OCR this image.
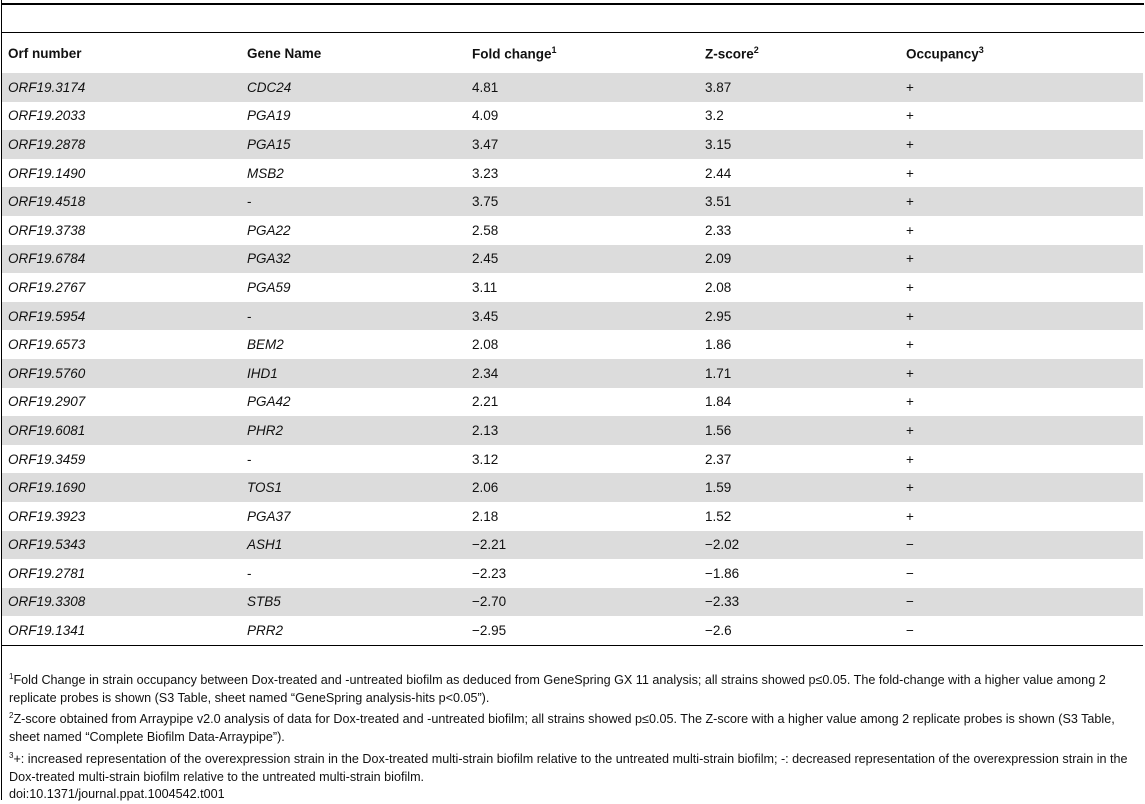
Orf number	Gene Name	Fold change$^1$	Z-score$^2$	Occupancy$^3$
ORF19.3174	CDC24	4.81	3.87	+
ORF19.2033	PGA19	4.09	3.2	+
ORF19.2878	PGA15	3.47	3.15	+
ORF19.1490	MSB2	3.23	2.44	+
ORF19.4518	-	3.75	3.51	+
ORF19.3738	PGA22	2.58	2.33	+
ORF19.6784	PGA32	2.45	2.09	+
ORF19.2767	PGA59	3.11	2.08	+
ORF19.5954	-	3.45	2.95	+
ORF19.6573	BEM2	2.08	1.86	+
ORF19.5760	IHD1	2.34	1.71	+
ORF19.2907	PGA42	2.21	1.84	+
ORF19.6081	PHR2	2.13	1.56	+
ORF19.3459	-	3.12	2.37	+
ORF19.1690	TOS1	2.06	1.59	+
ORF19.3923	PGA37	2.18	1.52	+
ORF19.5343	ASH1	−2.21	−2.02	−
ORF19.2781	-	−2.23	−1.86	−
ORF19.3308	STB5	−2.70	−2.33	−
ORF19.1341	PRR2	−2.95	−2.6	−

$^1$Fold Change in strain occupancy between Dox-treated and -untreated biofilm as deduced from GeneSpring GX 11 analysis; all strains showed p≤0.05. The fold-change with a higher value among 2 replicate probes is shown (S3 Table, sheet named “GeneSpring analysis-hits p<0.05”).

$^2$Z-score obtained from Arraypipe v2.0 analysis of data for Dox-treated and -untreated biofilm; all strains showed p≤0.05. The Z-score with a higher value among 2 replicate probes is shown (S3 Table, sheet named “Complete Biofilm Data-Arraypipe”).

$^3$+: increased representation of the overexpression strain in the Dox-treated multi-strain biofilm relative to the untreated multi-strain biofilm; -: decreased representation of the overexpression strain in the Dox-treated multi-strain biofilm relative to the untreated multi-strain biofilm.

doi:10.1371/journal.ppat.1004542.t001
